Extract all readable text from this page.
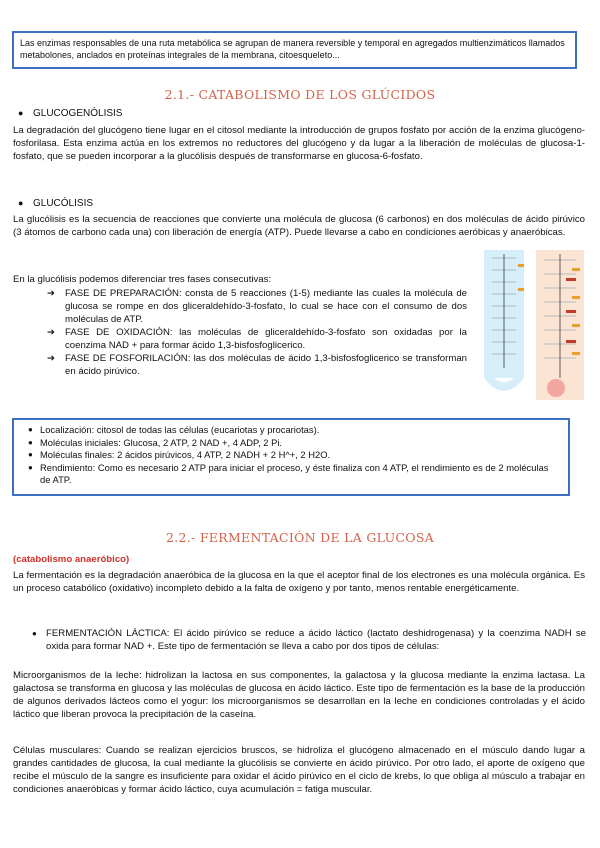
Las enzimas responsables de una ruta metabólica se agrupan de manera reversible y temporal en agregados multienzimáticos llamados metabolones, anclados en proteínas integrales de la membrana, citoesqueleto...
2.1.- CATABOLISMO DE LOS GLÚCIDOS
● GLUCOGENÓLISIS
La degradación del glucógeno tiene lugar en el citosol mediante la introducción de grupos fosfato por acción de la enzima glucógeno-fosforilasa. Esta enzima actúa en los extremos no reductores del glucógeno y da lugar a la liberación de moléculas de glucosa-1-fosfato, que se pueden incorporar a la glucólisis después de transformarse en glucosa-6-fosfato.
● GLUCÓLISIS
La glucólisis es la secuencia de reacciones que convierte una molécula de glucosa (6 carbonos) en dos moléculas de ácido pirúvico (3 átomos de carbono cada una) con liberación de energía (ATP). Puede llevarse a cabo en condiciones aeróbicas y anaeróbicas.
En la glucólisis podemos diferenciar tres fases consecutivas:
➔ FASE DE PREPARACIÓN: consta de 5 reacciones (1-5) mediante las cuales la molécula de glucosa se rompe en dos gliceraldehído-3-fosfato, lo cual se hace con el consumo de dos moléculas de ATP.
➔ FASE DE OXIDACIÓN: las moléculas de gliceraldehído-3-fosfato son oxidadas por la coenzima NAD + para formar ácido 1,3-bisfosfoglicerico.
➔ FASE DE FOSFORILACIÓN: las dos moléculas de ácido 1,3-bisfosfoglicerico se transforman en ácido pirúvico.
● Localización: citosol de todas las células (eucariotas y procariotas).
● Moléculas iniciales: Glucosa, 2 ATP, 2 NAD +, 4 ADP, 2 Pi.
● Moléculas finales: 2 ácidos pirúvicos, 4 ATP, 2 NADH + 2 H^+, 2 H2O.
● Rendimiento: Como es necesario 2 ATP para iniciar el proceso, y éste finaliza con 4 ATP, el rendimiento es de 2 moléculas de ATP.
2.2.- FERMENTACIÓN DE LA GLUCOSA
(catabolismo anaeróbico)
La fermentación es la degradación anaeróbica de la glucosa en la que el aceptor final de los electrones es una molécula orgánica. Es un proceso catabólico (oxidativo) incompleto debido a la falta de oxígeno y por tanto, menos rentable energéticamente.
● FERMENTACIÓN LÁCTICA: El ácido pirúvico se reduce a ácido láctico (lactato deshidrogenasa) y la coenzima NADH se oxida para formar NAD +. Este tipo de fermentación se lleva a cabo por dos tipos de células:
Microorganismos de la leche: hidrolizan la lactosa en sus componentes, la galactosa y la glucosa mediante la enzima lactasa. La galactosa se transforma en glucosa y las moléculas de glucosa en ácido láctico. Este tipo de fermentación es la base de la producción de algunos derivados lácteos como el yogur: los microorganismos se desarrollan en la leche en condiciones controladas y el ácido láctico que liberan provoca la precipitación de la caseína.
Células musculares: Cuando se realizan ejercicios bruscos, se hidroliza el glucógeno almacenado en el músculo dando lugar a grandes cantidades de glucosa, la cual mediante la glucólisis se convierte en ácido pirúvico. Por otro lado, el aporte de oxígeno que recibe el músculo de la sangre es insuficiente para oxidar el ácido pirúvico en el ciclo de krebs, lo que obliga al músculo a trabajar en condiciones anaeróbicas y formar ácido láctico, cuya acumulación = fatiga muscular.
